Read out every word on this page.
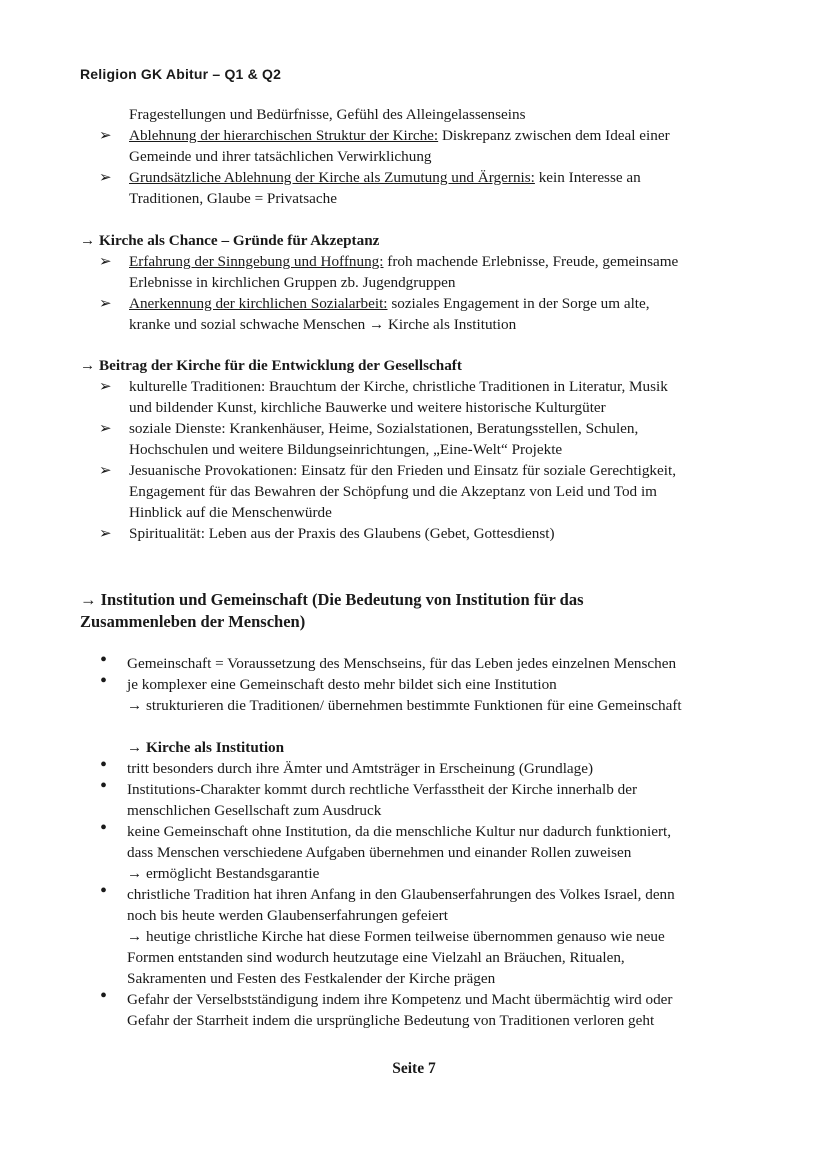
Religion GK Abitur – Q1 & Q2
Fragestellungen und Bedürfnisse, Gefühl des Alleingelassenseins
➢ Ablehnung der hierarchischen Struktur der Kirche: Diskrepanz zwischen dem Ideal einer
Gemeinde und ihrer tatsächlichen Verwirklichung
➢ Grundsätzliche Ablehnung der Kirche als Zumutung und Ärgernis: kein Interesse an
Traditionen, Glaube = Privatsache
→ Kirche als Chance – Gründe für Akzeptanz
➢ Erfahrung der Sinngebung und Hoffnung: froh machende Erlebnisse, Freude, gemeinsame
Erlebnisse in kirchlichen Gruppen zb. Jugendgruppen
➢ Anerkennung der kirchlichen Sozialarbeit: soziales Engagement in der Sorge um alte,
kranke und sozial schwache Menschen → Kirche als Institution
→ Beitrag der Kirche für die Entwicklung der Gesellschaft
➢ kulturelle Traditionen: Brauchtum der Kirche, christliche Traditionen in Literatur, Musik
und bildender Kunst, kirchliche Bauwerke und weitere historische Kulturgüter
➢ soziale Dienste: Krankenhäuser, Heime, Sozialstationen, Beratungsstellen, Schulen,
Hochschulen und weitere Bildungseinrichtungen, „Eine-Welt“ Projekte
➢ Jesuanische Provokationen: Einsatz für den Frieden und Einsatz für soziale Gerechtigkeit,
Engagement für das Bewahren der Schöpfung und die Akzeptanz von Leid und Tod im
Hinblick auf die Menschenwürde
➢ Spiritualität: Leben aus der Praxis des Glaubens (Gebet, Gottesdienst)
→ Institution und Gemeinschaft (Die Bedeutung von Institution für das
Zusammenleben der Menschen)
• Gemeinschaft = Voraussetzung des Menschseins, für das Leben jedes einzelnen Menschen
• je komplexer eine Gemeinschaft desto mehr bildet sich eine Institution
→ strukturieren die Traditionen/ übernehmen bestimmte Funktionen für eine Gemeinschaft
→ Kirche als Institution
• tritt besonders durch ihre Ämter und Amtsträger in Erscheinung (Grundlage)
• Institutions-Charakter kommt durch rechtliche Verfasstheit der Kirche innerhalb der
menschlichen Gesellschaft zum Ausdruck
• keine Gemeinschaft ohne Institution, da die menschliche Kultur nur dadurch funktioniert,
dass Menschen verschiedene Aufgaben übernehmen und einander Rollen zuweisen
→ ermöglicht Bestandsgarantie
• christliche Tradition hat ihren Anfang in den Glaubenserfahrungen des Volkes Israel, denn
noch bis heute werden Glaubenserfahrungen gefeiert
→ heutige christliche Kirche hat diese Formen teilweise übernommen genauso wie neue
Formen entstanden sind wodurch heutzutage eine Vielzahl an Bräuchen, Ritualen,
Sakramenten und Festen des Festkalender der Kirche prägen
• Gefahr der Verselbstständigung indem ihre Kompetenz und Macht übermächtig wird oder
Gefahr der Starrheit indem die ursprüngliche Bedeutung von Traditionen verloren geht
Seite 7
